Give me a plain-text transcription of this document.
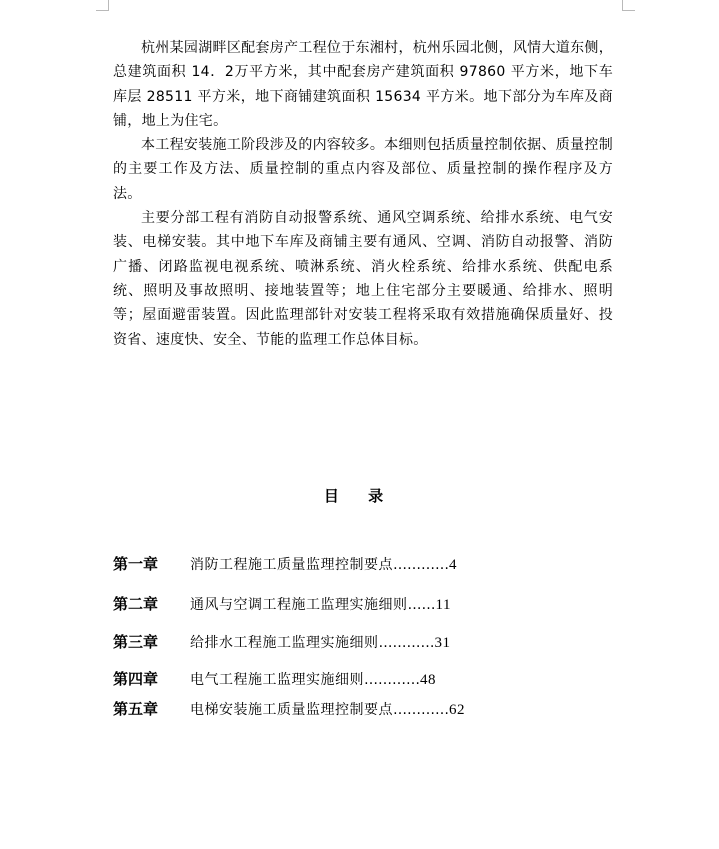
杭州某园湖畔区配套房产工程位于东湘村，杭州乐园北侧，风情大道东侧，总建筑面积 14．2万平方米，其中配套房产建筑面积 97860 平方米，地下车库层 28511 平方米，地下商铺建筑面积 15634 平方米。地下部分为车库及商铺，地上为住宅。

本工程安装施工阶段涉及的内容较多。本细则包括质量控制依据、质量控制的主要工作及方法、质量控制的重点内容及部位、质量控制的操作程序及方法。

主要分部工程有消防自动报警系统、通风空调系统、给排水系统、电气安装、电梯安装。其中地下车库及商铺主要有通风、空调、消防自动报警、消防广播、闭路监视电视系统、喷淋系统、消火栓系统、给排水系统、供配电系统、照明及事故照明、接地装置等；地上住宅部分主要暖通、给排水、照明等；屋面避雷装置。因此监理部针对安装工程将采取有效措施确保质量好、投资省、速度快、安全、节能的监理工作总体目标。

目 录
第一章 消防工程施工质量监理控制要点…………4
第二章 通风与空调工程施工监理实施细则……11
第三章 给排水工程施工监理实施细则…………31
第四章 电气工程施工监理实施细则…………48
第五章 电梯安装施工质量监理控制要点…………62
